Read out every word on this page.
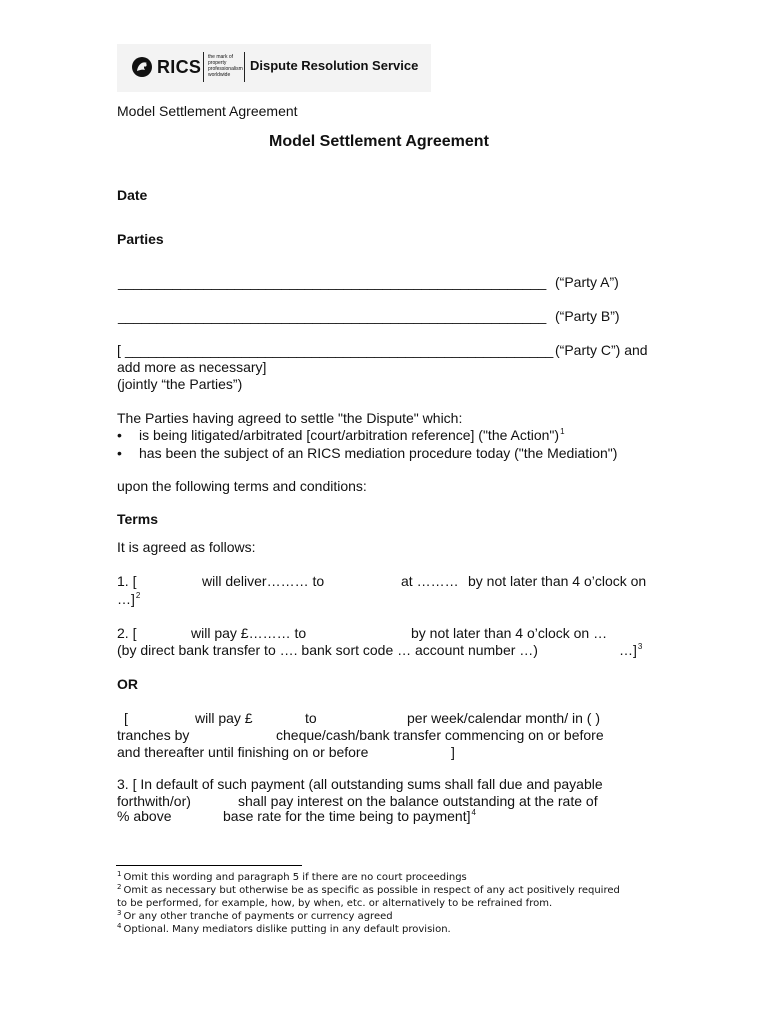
RICS the mark of
property
professionalism
worldwide
Dispute Resolution Service
Model Settlement Agreement
Model Settlement Agreement
Date
Parties
_______________________________________________________ (“Party A”)
_______________________________________________________ (“Party B”)
[ _______________________________________________________ (“Party C”) and
add more as necessary]
(jointly “the Parties”)
The Parties having agreed to settle "the Dispute" which:
• is being litigated/arbitrated [court/arbitration reference] ("the Action")$^1$
• has been the subject of an RICS mediation procedure today ("the Mediation")
upon the following terms and conditions:
Terms
It is agreed as follows:
1. [	will deliver……… to	at ……… by not later than 4 o’clock on
…]$^2$
2. [	will pay £……… to	by not later than 4 o’clock on …
(by direct bank transfer to …. bank sort code … account number …)	…]$^3$
OR
[	will pay £	to	per week/calendar month/ in ( )
tranches by	cheque/cash/bank transfer commencing on or before
and thereafter until finishing on or before	]
3. [ In default of such payment (all outstanding sums shall fall due and payable
forthwith/or)	shall pay interest on the balance outstanding at the rate of
% above	base rate for the time being to payment]$^4$
$^1$ Omit this wording and paragraph 5 if there are no court proceedings
$^2$ Omit as necessary but otherwise be as specific as possible in respect of any act positively required
to be performed, for example, how, by when, etc. or alternatively to be refrained from.
$^3$ Or any other tranche of payments or currency agreed
$^4$ Optional. Many mediators dislike putting in any default provision.
